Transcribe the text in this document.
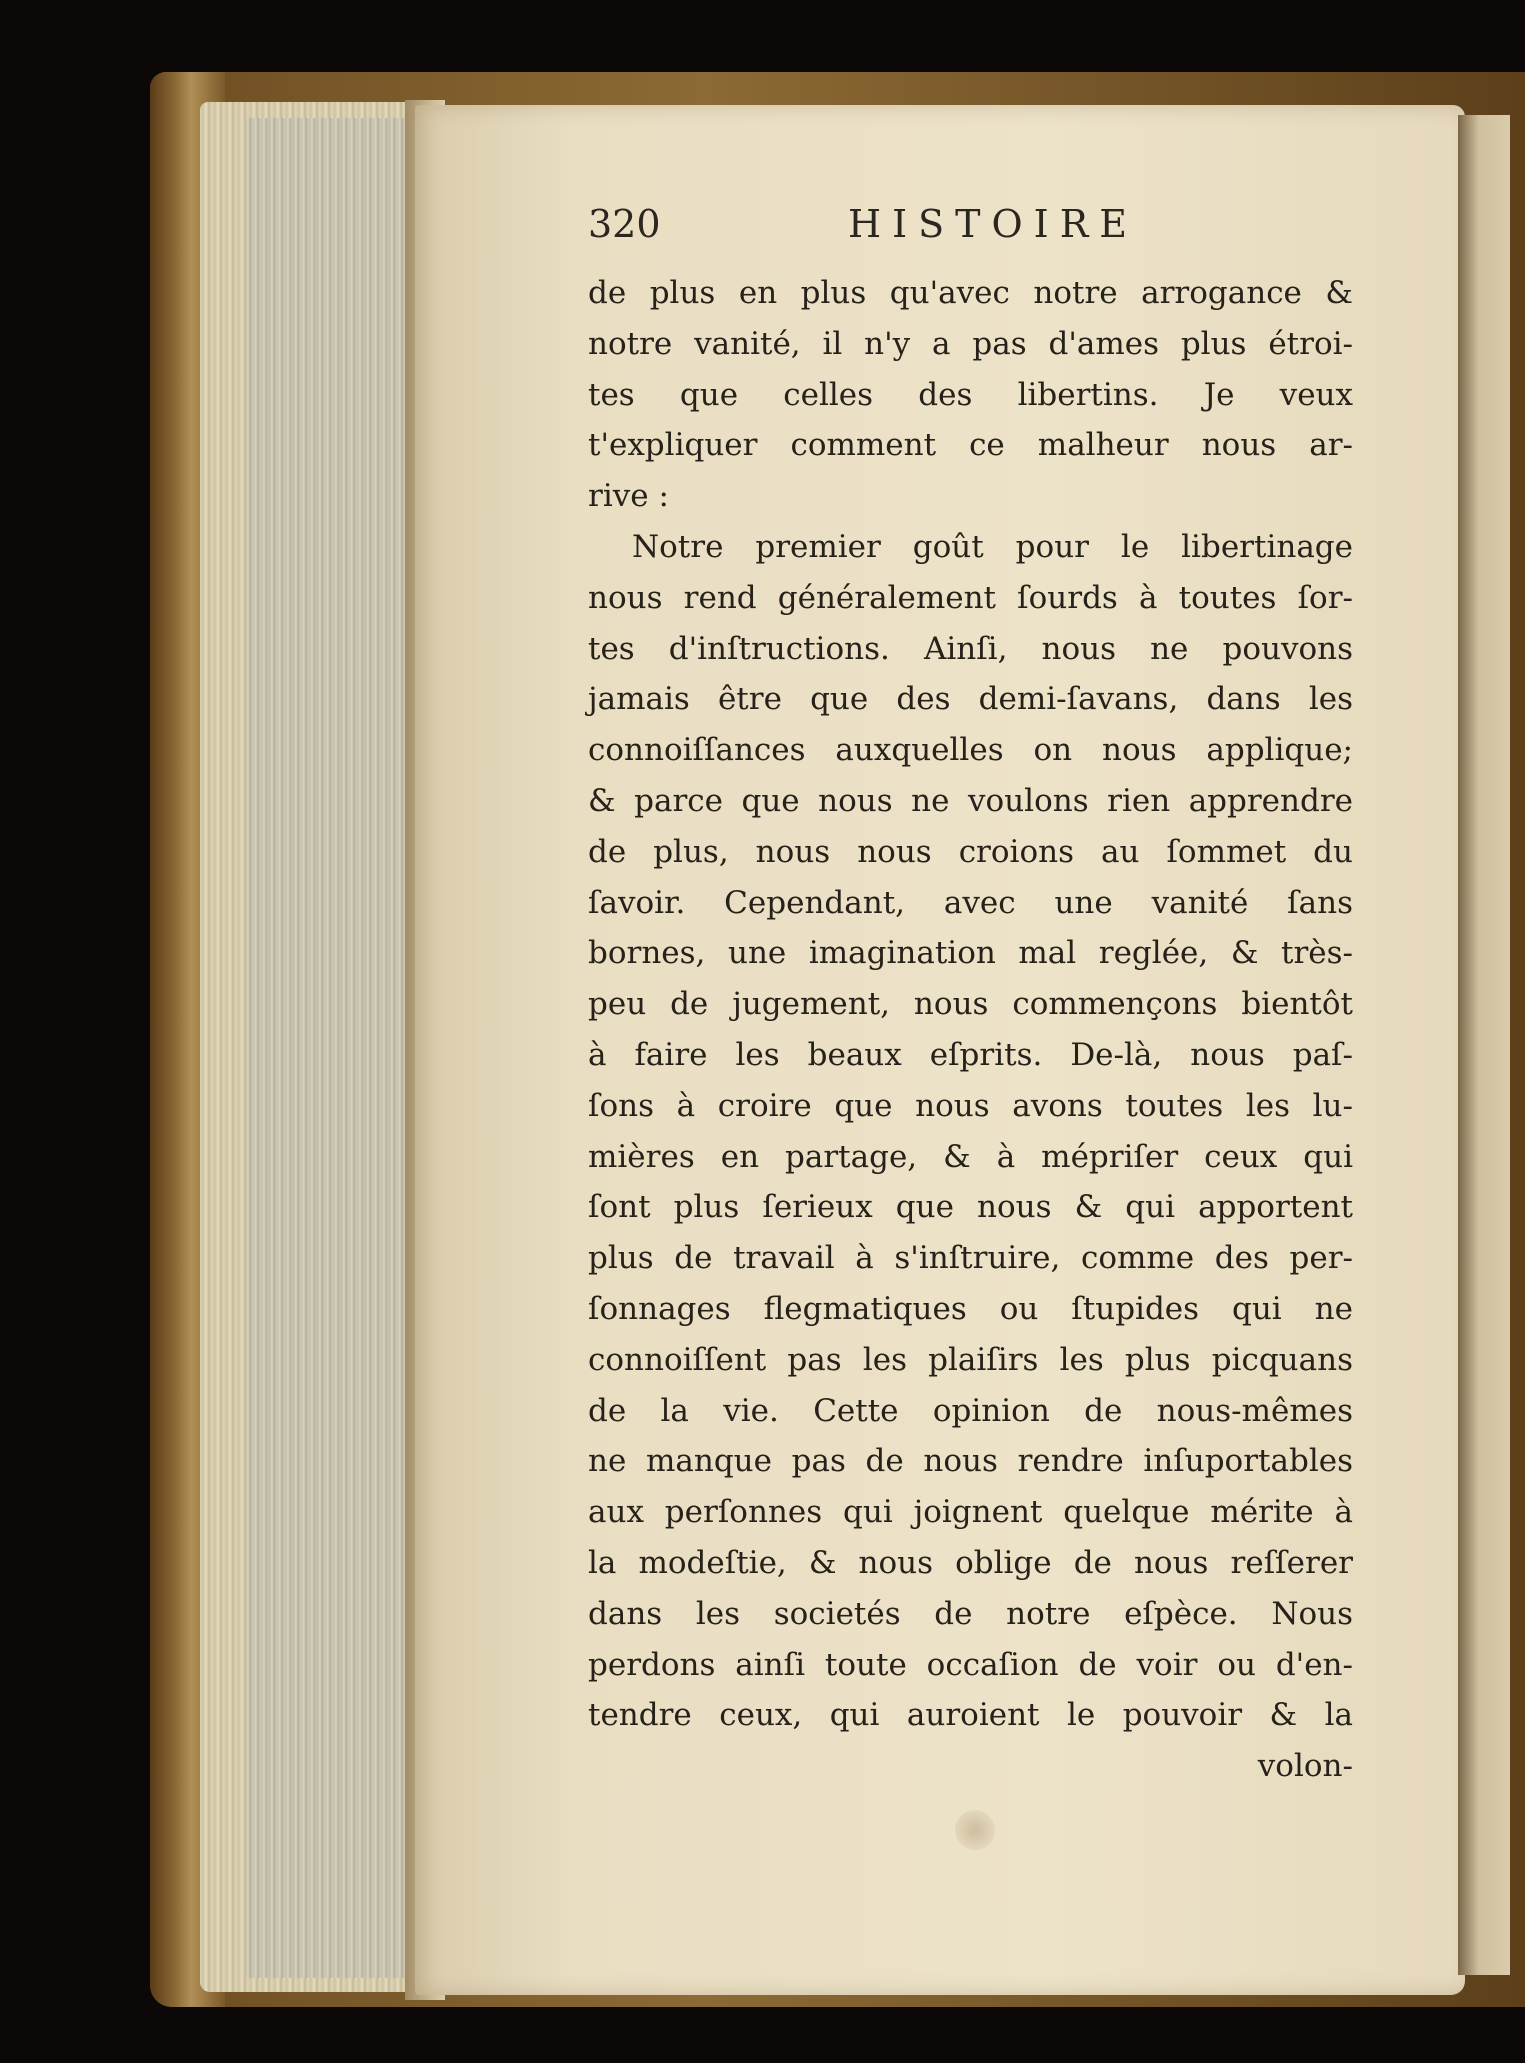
320	HISTOIRE
de plus en plus qu'avec notre arrogance &
notre vanité, il n'y a pas d'ames plus étroi-
tes que celles des libertins. Je veux
t'expliquer comment ce malheur nous ar-
rive :
Notre premier goût pour le libertinage
nous rend généralement ſourds à toutes ſor-
tes d'inſtructions. Ainſi, nous ne pouvons
jamais être que des demi-ſavans, dans les
connoiſſances auxquelles on nous applique;
& parce que nous ne voulons rien apprendre
de plus, nous nous croions au ſommet du
ſavoir. Cependant, avec une vanité ſans
bornes, une imagination mal reglée, & très-
peu de jugement, nous commençons bientôt
à faire les beaux eſprits. De-là, nous paſ-
ſons à croire que nous avons toutes les lu-
mières en partage, & à mépriſer ceux qui
ſont plus ſerieux que nous & qui apportent
plus de travail à s'inſtruire, comme des per-
ſonnages flegmatiques ou ſtupides qui ne
connoiſſent pas les plaiſirs les plus picquans
de la vie. Cette opinion de nous-mêmes
ne manque pas de nous rendre inſuportables
aux perſonnes qui joignent quelque mérite à
la modeſtie, & nous oblige de nous reſſerer
dans les societés de notre eſpèce. Nous
perdons ainſi toute occaſion de voir ou d'en-
tendre ceux, qui auroient le pouvoir & la
volon-
